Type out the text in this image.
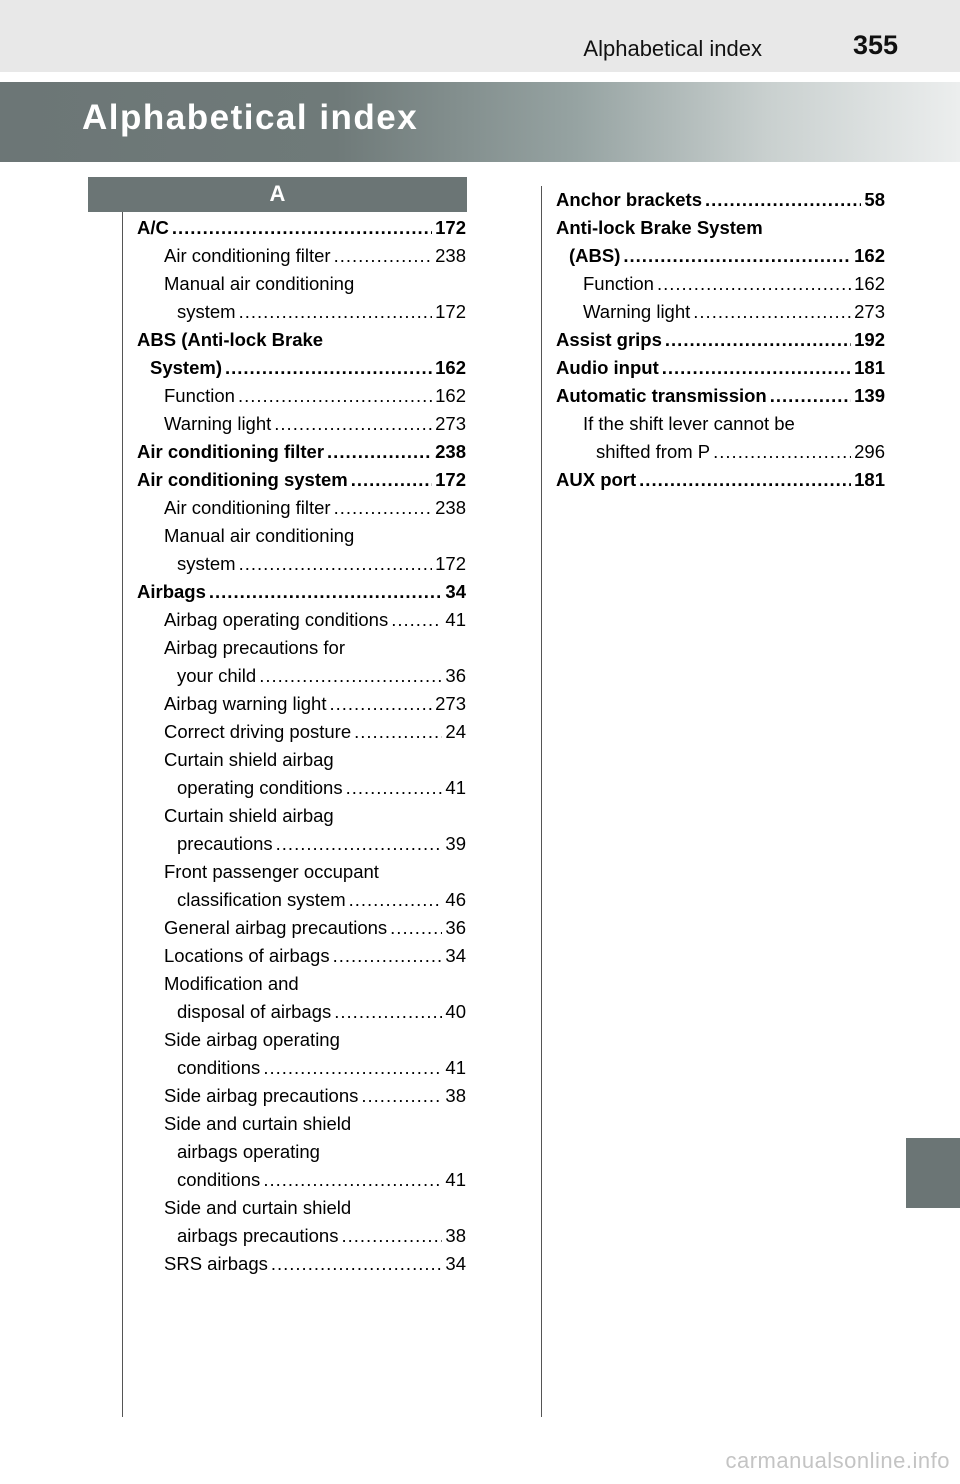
Alphabetical index	355
Alphabetical index
A
A/C .....	172
Air conditioning filter .....	238
Manual air conditioning
system .....	172
ABS (Anti-lock Brake
System) .....	162
Function .....	162
Warning light .....	273
Air conditioning filter .....	238
Air conditioning system .....	172
Air conditioning filter .....	238
Manual air conditioning
system .....	172
Airbags .....	34
Airbag operating conditions .....	41
Airbag precautions for
your child .....	36
Airbag warning light .....	273
Correct driving posture .....	24
Curtain shield airbag
operating conditions .....	41
Curtain shield airbag
precautions .....	39
Front passenger occupant
classification system .....	46
General airbag precautions .....	36
Locations of airbags .....	34
Modification and
disposal of airbags .....	40
Side airbag operating
conditions .....	41
Side airbag precautions .....	38
Side and curtain shield
airbags operating
conditions .....	41
Side and curtain shield
airbags precautions .....	38
SRS airbags .....	34
Anchor brackets .....	58
Anti-lock Brake System
(ABS) .....	162
Function .....	162
Warning light .....	273
Assist grips .....	192
Audio input .....	181
Automatic transmission .....	139
If the shift lever cannot be
shifted from P .....	296
AUX port .....	181
carmanualsonline.info
